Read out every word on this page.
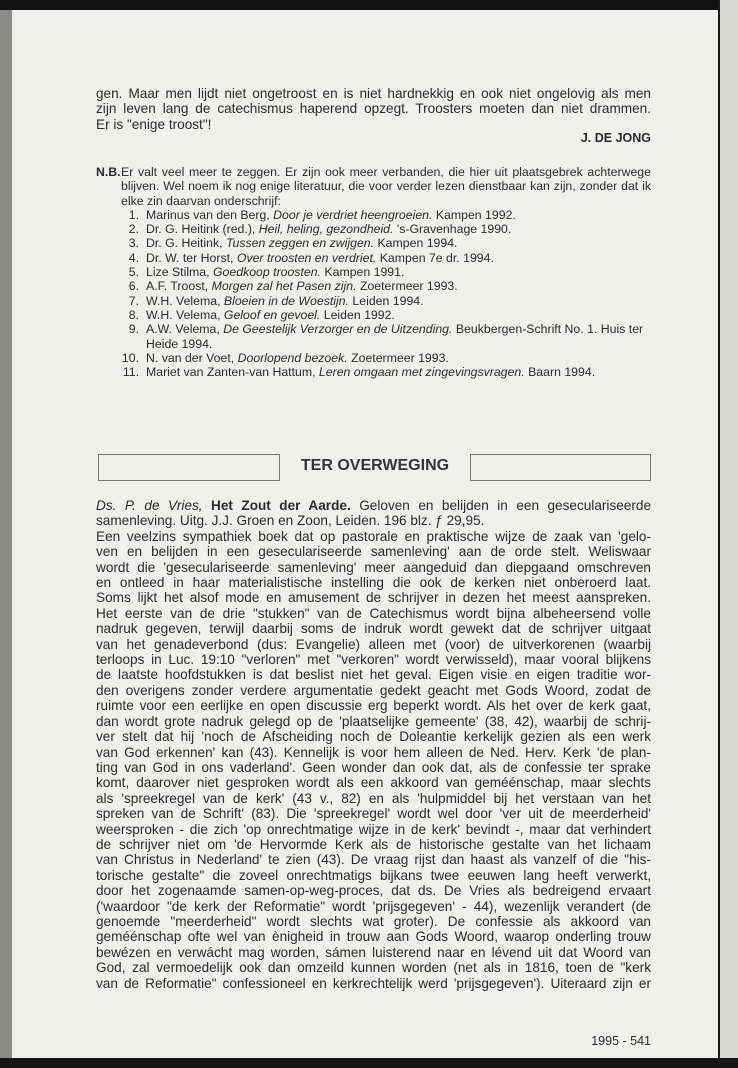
gen. Maar men lijdt niet ongetroost en is niet hardnekkig en ook niet ongelovig als men
zijn leven lang de catechismus haperend opzegt. Troosters moeten dan niet drammen.
Er is "enige troost"!
J. DE JONG
N.B. Er valt veel meer te zeggen. Er zijn ook meer verbanden, die hier uit plaatsgebrek achterwege blijven. Wel noem ik nog enige literatuur, die voor verder lezen dienstbaar kan zijn, zonder dat ik elke zin daarvan onderschrijf:
1. Marinus van den Berg, Door je verdriet heengroeien. Kampen 1992.
2. Dr. G. Heitink (red.), Heil, heling, gezondheid. 's-Gravenhage 1990.
3. Dr. G. Heitink, Tussen zeggen en zwijgen. Kampen 1994.
4. Dr. W. ter Horst, Over troosten en verdriet. Kampen 7e dr. 1994.
5. Lize Stilma, Goedkoop troosten. Kampen 1991.
6. A.F. Troost, Morgen zal het Pasen zijn. Zoetermeer 1993.
7. W.H. Velema, Bloeien in de Woestijn. Leiden 1994.
8. W.H. Velema, Geloof en gevoel. Leiden 1992.
9. A.W. Velema, De Geestelijk Verzorger en de Uitzending. Beukbergen-Schrift No. 1. Huis ter Heide 1994.
10. N. van der Voet, Doorlopend bezoek. Zoetermeer 1993.
11. Mariet van Zanten-van Hattum, Leren omgaan met zingevingsvragen. Baarn 1994.
TER OVERWEGING
Ds. P. de Vries, Het Zout der Aarde. Geloven en belijden in een geseculariseerde
samenleving. Uitg. J.J. Groen en Zoon, Leiden. 196 blz. ƒ 29,95.
Een veelzins sympathiek boek dat op pastorale en praktische wijze de zaak van 'gelo-
ven en belijden in een geseculariseerde samenleving' aan de orde stelt. Weliswaar
wordt die 'geseculariseerde samenleving' meer aangeduid dan diepgaand omschreven
en ontleed in haar materialistische instelling die ook de kerken niet onberoerd laat.
Soms lijkt het alsof mode en amusement de schrijver in dezen het meest aanspreken.
Het eerste van de drie "stukken" van de Catechismus wordt bijna albeheersend volle
nadruk gegeven, terwijl daarbij soms de indruk wordt gewekt dat de schrijver uitgaat
van het genadeverbond (dus: Evangelie) alleen met (voor) de uitverkorenen (waarbij
terloops in Luc. 19:10 "verloren" met "verkoren" wordt verwisseld), maar vooral blijkens
de laatste hoofdstukken is dat beslist niet het geval. Eigen visie en eigen traditie wor-
den overigens zonder verdere argumentatie gedekt geacht met Gods Woord, zodat de
ruimte voor een eerlijke en open discussie erg beperkt wordt. Als het over de kerk gaat,
dan wordt grote nadruk gelegd op de 'plaatselijke gemeente' (38, 42), waarbij de schrij-
ver stelt dat hij 'noch de Afscheiding noch de Doleantie kerkelijk gezien als een werk
van God erkennen' kan (43). Kennelijk is voor hem alleen de Ned. Herv. Kerk 'de plan-
ting van God in ons vaderland'. Geen wonder dan ook dat, als de confessie ter sprake
komt, daarover niet gesproken wordt als een akkoord van geméénschap, maar slechts
als 'spreekregel van de kerk' (43 v., 82) en als 'hulpmiddel bij het verstaan van het
spreken van de Schrift' (83). Die 'spreekregel' wordt wel door 'ver uit de meerderheid'
weersproken - die zich 'op onrechtmatige wijze in de kerk' bevindt -, maar dat verhindert
de schrijver niet om 'de Hervormde Kerk als de historische gestalte van het lichaam
van Christus in Nederland' te zien (43). De vraag rijst dan haast als vanzelf of die "his-
torische gestalte" die zoveel onrechtmatigs bijkans twee eeuwen lang heeft verwerkt,
door het zogenaamde samen-op-weg-proces, dat ds. De Vries als bedreigend ervaart
('waardoor "de kerk der Reformatie" wordt 'prijsgegeven' - 44), wezenlijk verandert (de
genoemde "meerderheid" wordt slechts wat groter). De confessie als akkoord van
geméénschap ofte wel van ènigheid in trouw aan Gods Woord, waarop onderling trouw
bewézen en verwácht mag worden, sámen luisterend naar en lévend uit dat Woord van
God, zal vermoedelijk ook dan omzeild kunnen worden (net als in 1816, toen de "kerk
van de Reformatie" confessioneel en kerkrechtelijk werd 'prijsgegeven'). Uiteraard zijn er
1995 - 541
